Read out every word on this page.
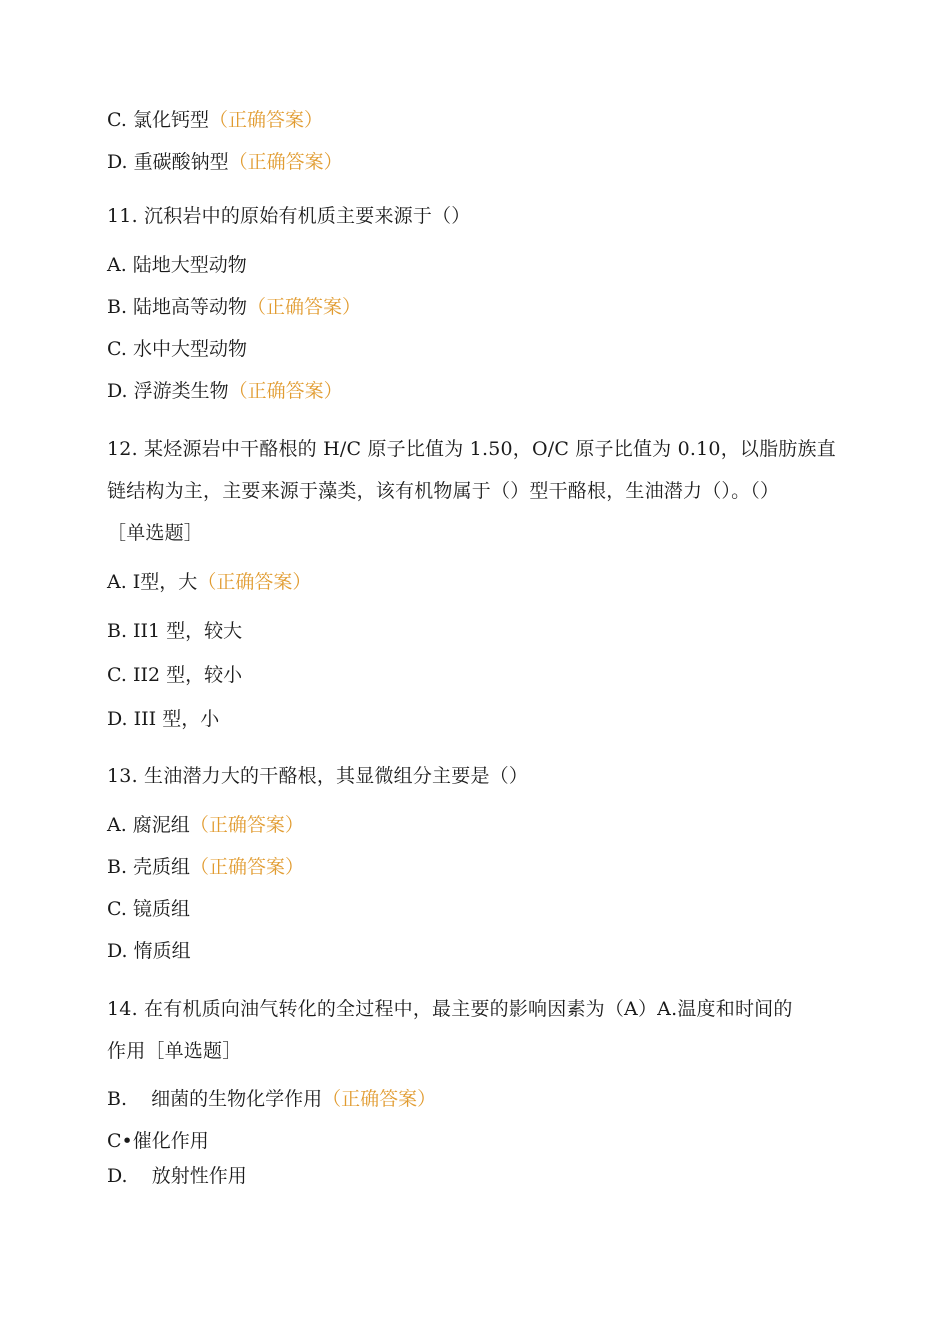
C. 氯化钙型（正确答案）
D. 重碳酸钠型（正确答案）
11. 沉积岩中的原始有机质主要来源于（）
A. 陆地大型动物
B. 陆地高等动物（正确答案）
C. 水中大型动物
D. 浮游类生物（正确答案）
12. 某烃源岩中干酪根的 H/C 原子比值为 1.50，O/C 原子比值为 0.10，以脂肪族直
链结构为主，主要来源于藻类，该有机物属于（）型干酪根，生油潜力（）。（）
［单选题］
A. Ⅰ型，大（正确答案）
B. II1 型，较大
C. II2 型，较小
D. III 型，小
13. 生油潜力大的干酪根，其显微组分主要是（）
A. 腐泥组（正确答案）
B. 壳质组（正确答案）
C. 镜质组
D. 惰质组
14. 在有机质向油气转化的全过程中，最主要的影响因素为（A）A.温度和时间的
作用［单选题］
B.    细菌的生物化学作用（正确答案）
C•催化作用
D.    放射性作用
